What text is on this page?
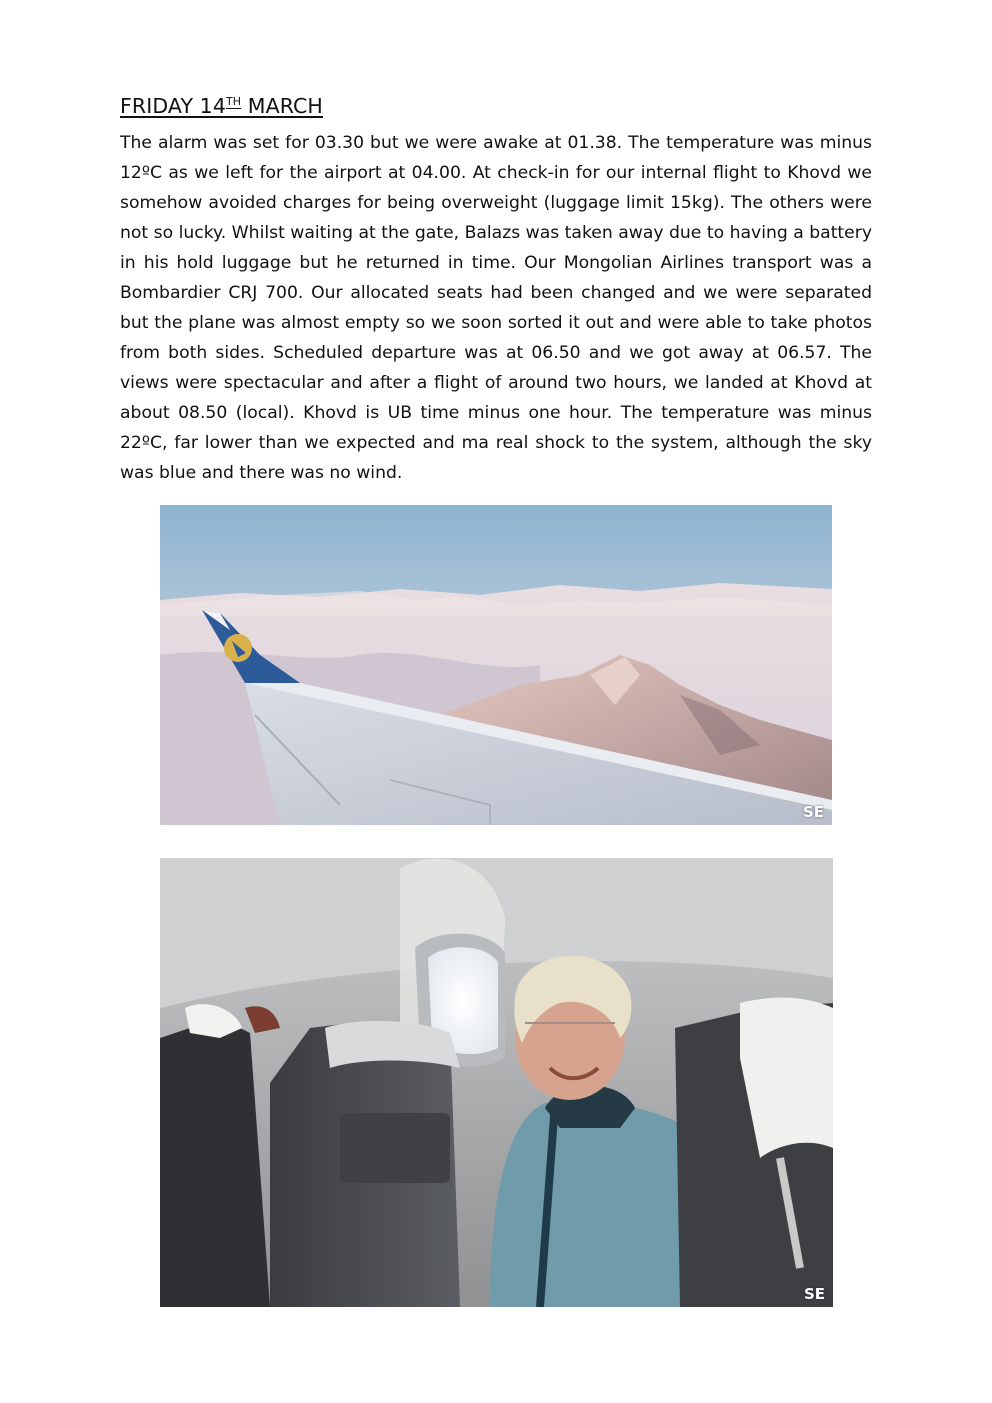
FRIDAY 14TH MARCH

The alarm was set for 03.30 but we were awake at 01.38. The temperature was minus 12ºC as we left for the airport at 04.00. At check-in for our internal flight to Khovd we somehow avoided charges for being overweight (luggage limit 15kg). The others were not so lucky. Whilst waiting at the gate, Balazs was taken away due to having a battery in his hold luggage but he returned in time. Our Mongolian Airlines transport was a Bombardier CRJ 700. Our allocated seats had been changed and we were separated but the plane was almost empty so we soon sorted it out and were able to take photos from both sides. Scheduled departure was at 06.50 and we got away at 06.57. The views were spectacular and after a flight of around two hours, we landed at Khovd at about 08.50 (local). Khovd is UB time minus one hour. The temperature was minus 22ºC, far lower than we expected and ma real shock to the system, although the sky was blue and there was no wind.

SE
SE
